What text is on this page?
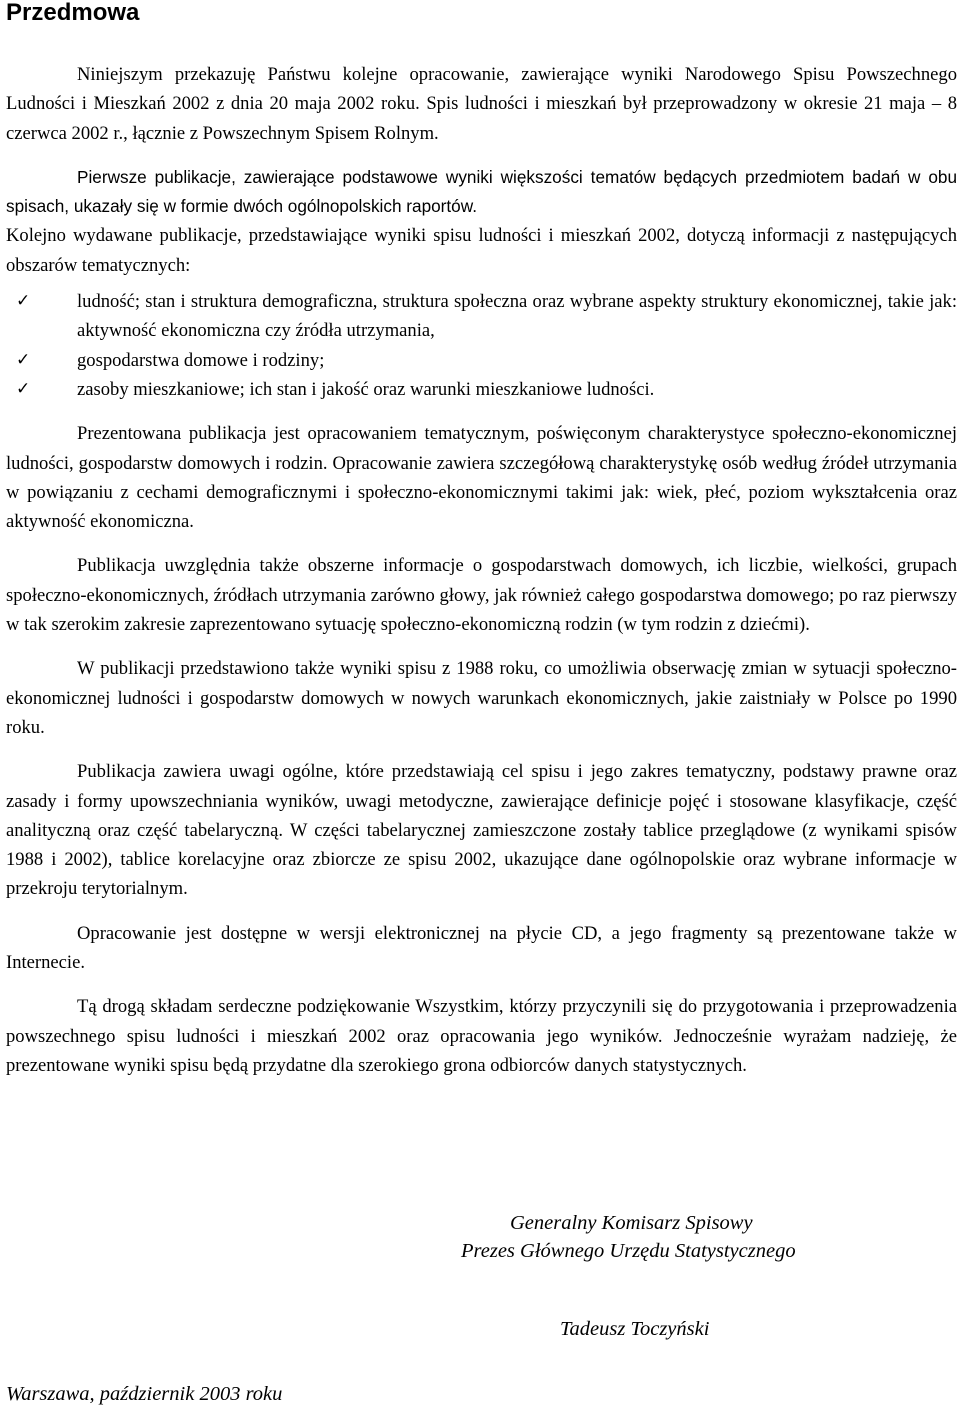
Przedmowa

Niniejszym przekazuję Państwu kolejne opracowanie, zawierające wyniki Narodowego Spisu Powszechnego Ludności i Mieszkań 2002 z dnia 20 maja 2002 roku. Spis ludności i mieszkań był przeprowadzony w okresie 21 maja – 8 czerwca 2002 r., łącznie z Powszechnym Spisem Rolnym.

Pierwsze publikacje, zawierające podstawowe wyniki większości tematów będących przedmiotem badań w obu spisach, ukazały się w formie dwóch ogólnopolskich raportów.

Kolejno wydawane publikacje, przedstawiające wyniki spisu ludności i mieszkań 2002, dotyczą informacji z następujących obszarów tematycznych:

✓	ludność; stan i struktura demograficzna, struktura społeczna oraz wybrane aspekty struktury ekonomicznej, takie jak: aktywność ekonomiczna czy źródła utrzymania,
✓	gospodarstwa domowe i rodziny;
✓	zasoby mieszkaniowe; ich stan i jakość oraz warunki mieszkaniowe ludności.

Prezentowana publikacja jest opracowaniem tematycznym, poświęconym charakterystyce społeczno-ekonomicznej ludności, gospodarstw domowych i rodzin. Opracowanie zawiera szczegółową charakterystykę osób według źródeł utrzymania w powiązaniu z cechami demograficznymi i społeczno-ekonomicznymi takimi jak: wiek, płeć, poziom wykształcenia oraz aktywność ekonomiczna.

Publikacja uwzględnia także obszerne informacje o gospodarstwach domowych, ich liczbie, wielkości, grupach społeczno-ekonomicznych, źródłach utrzymania zarówno głowy, jak również całego gospodarstwa domowego; po raz pierwszy w tak szerokim zakresie zaprezentowano sytuację społeczno-ekonomiczną rodzin (w tym rodzin z dziećmi).

W publikacji przedstawiono także wyniki spisu z 1988 roku, co umożliwia obserwację zmian w sytuacji społeczno-ekonomicznej ludności i gospodarstw domowych w nowych warunkach ekonomicznych, jakie zaistniały w Polsce po 1990 roku.

Publikacja zawiera uwagi ogólne, które przedstawiają cel spisu i jego zakres tematyczny, podstawy prawne oraz zasady i formy upowszechniania wyników, uwagi metodyczne, zawierające definicje pojęć i stosowane klasyfikacje, część analityczną oraz część tabelaryczną. W części tabelarycznej zamieszczone zostały tablice przeglądowe (z wynikami spisów 1988 i 2002), tablice korelacyjne oraz zbiorcze ze spisu 2002, ukazujące dane ogólnopolskie oraz wybrane informacje w przekroju terytorialnym.

Opracowanie jest dostępne w wersji elektronicznej na płycie CD, a jego fragmenty są prezentowane także w Internecie.

Tą drogą składam serdeczne podziękowanie Wszystkim, którzy przyczynili się do przygotowania i przeprowadzenia powszechnego spisu ludności i mieszkań 2002 oraz opracowania jego wyników. Jednocześnie wyrażam nadzieję, że prezentowane wyniki spisu będą przydatne dla szerokiego grona odbiorców danych statystycznych.

Generalny Komisarz Spisowy
Prezes Głównego Urzędu Statystycznego
Tadeusz Toczyński
Warszawa, październik 2003 roku
